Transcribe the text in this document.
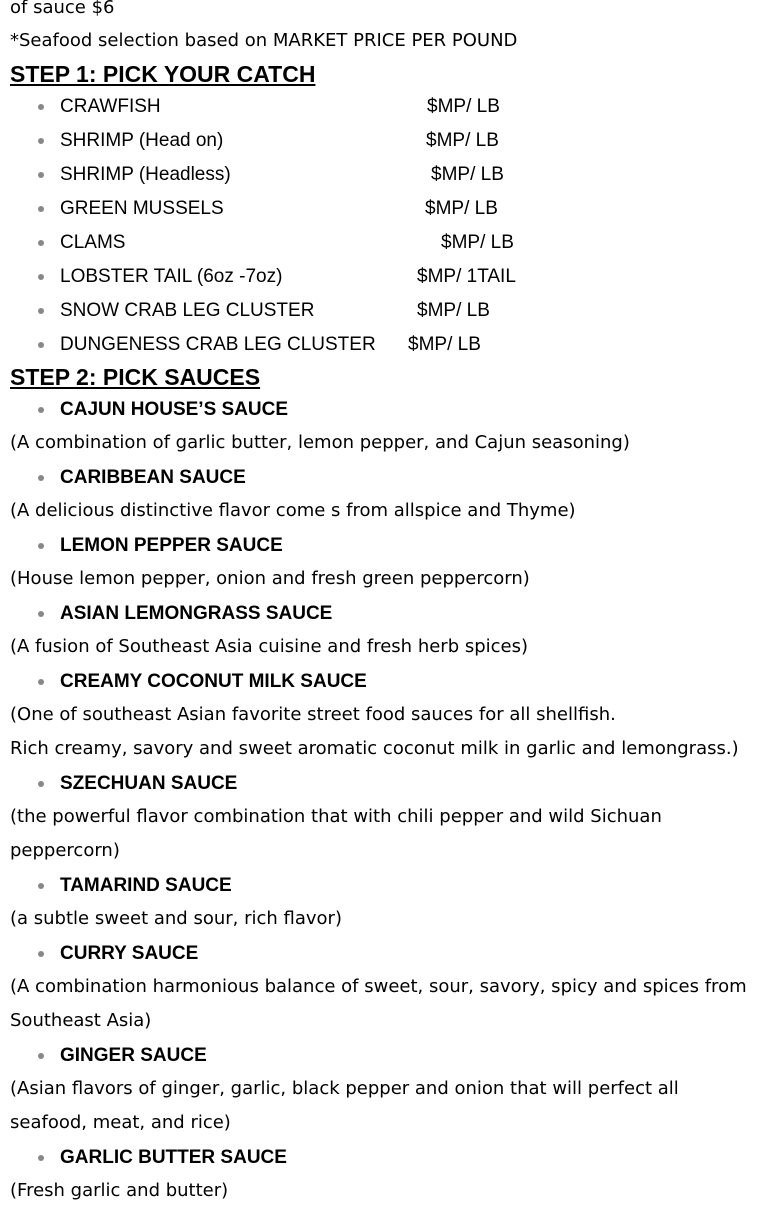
of sauce $6
*Seafood selection based on MARKET PRICE PER POUND
STEP 1: PICK YOUR CATCH
CRAWFISH	$MP/ LB
SHRIMP (Head on)	$MP/ LB
SHRIMP (Headless)	$MP/ LB
GREEN MUSSELS	$MP/ LB
CLAMS	$MP/ LB
LOBSTER TAIL (6oz -7oz)	$MP/ 1TAIL
SNOW CRAB LEG CLUSTER	$MP/ LB
DUNGENESS CRAB LEG CLUSTER $MP/ LB
STEP 2: PICK SAUCES
CAJUN HOUSE’S SAUCE
(A combination of garlic butter, lemon pepper, and Cajun seasoning)
CARIBBEAN SAUCE
(A delicious distinctive flavor come s from allspice and Thyme)
LEMON PEPPER SAUCE
(House lemon pepper, onion and fresh green peppercorn)
ASIAN LEMONGRASS SAUCE
(A fusion of Southeast Asia cuisine and fresh herb spices)
CREAMY COCONUT MILK SAUCE
(One of southeast Asian favorite street food sauces for all shellfish.
Rich creamy, savory and sweet aromatic coconut milk in garlic and lemongrass.)
SZECHUAN SAUCE
(the powerful flavor combination that with chili pepper and wild Sichuan
peppercorn)
TAMARIND SAUCE
(a subtle sweet and sour, rich flavor)
CURRY SAUCE
(A combination harmonious balance of sweet, sour, savory, spicy and spices from
Southeast Asia)
GINGER SAUCE
(Asian flavors of ginger, garlic, black pepper and onion that will perfect all
seafood, meat, and rice)
GARLIC BUTTER SAUCE
(Fresh garlic and butter)
